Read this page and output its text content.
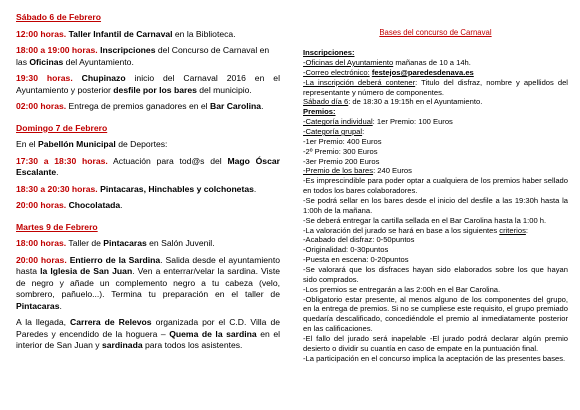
Sábado 6 de Febrero

12:00 horas. Taller Infantil de Carnaval en la Biblioteca.

18:00 a 19:00 horas. Inscripciones del Concurso de Carnaval en las Oficinas del Ayuntamiento.

19:30 horas. Chupinazo inicio del Carnaval 2016 en el Ayuntamiento y posterior desfile por los bares del municipio.

02:00 horas. Entrega de premios ganadores en el Bar Carolina.

Domingo 7 de Febrero

En el Pabellón Municipal de Deportes:

17:30 a 18:30 horas. Actuación para tod@s del Mago Óscar Escalante.

18:30 a 20:30 horas. Pintacaras, Hinchables y colchonetas.

20:00 horas. Chocolatada.

Martes 9 de Febrero

18:00 horas. Taller de Pintacaras en Salón Juvenil.

20:00 horas. Entierro de la Sardina. Salida desde el ayuntamiento hasta la Iglesia de San Juan. Ven a enterrar/velar la sardina. Viste de negro y añade un complemento negro a tu cabeza (velo, sombrero, pañuelo...). Termina tu preparación en el taller de Pintacaras.

A la llegada, Carrera de Relevos organizada por el C.D. Villa de Paredes y encendido de la hoguera – Quema de la sardina en el interior de San Juan y sardinada para todos los asistentes.

Bases del concurso de Carnaval

Inscripciones:

-Oficinas del Ayuntamiento mañanas de 10 a 14h.

-Correo electrónico: festejos@paredesdenava.es

-La inscripción deberá contener: Titulo del disfraz, nombre y apellidos del representante y número de componentes.

Sábado día 6: de 18:30 a 19:15h en el Ayuntamiento.

Premios:

-Categoría individual: 1er Premio: 100 Euros

-Categoría grupal:

-1er Premio: 400 Euros

-2º Premio: 300 Euros

-3er Premio 200 Euros

-Premio de los bares: 240 Euros

-Es imprescindible para poder optar a cualquiera de los premios haber sellado en todos los bares colaboradores.

-Se podrá sellar en los bares desde el inicio del desfile a las 19:30h hasta la 1:00h de la mañana.

-Se deberá entregar la cartilla sellada en el Bar Carolina hasta la 1:00 h.

-La valoración del jurado se hará en base a los siguientes criterios:

-Acabado del disfraz: 0-50puntos

-Originalidad: 0-30puntos

-Puesta en escena: 0-20puntos

-Se valorará que los disfraces hayan sido elaborados sobre los que hayan sido comprados.

-Los premios se entregarán a las 2:00h en el Bar Carolina.

-Obligatorio estar presente, al menos alguno de los componentes del grupo, en la entrega de premios. Si no se cumpliese este requisito, el grupo premiado quedaría descalificado, concediéndole el premio al inmediatamente posterior en las calificaciones.

-El fallo del jurado será inapelable -El jurado podrá declarar algún premio desierto o dividir su cuantía en caso de empate en la puntuación final.

-La participación en el concurso implica la aceptación de las presentes bases.
